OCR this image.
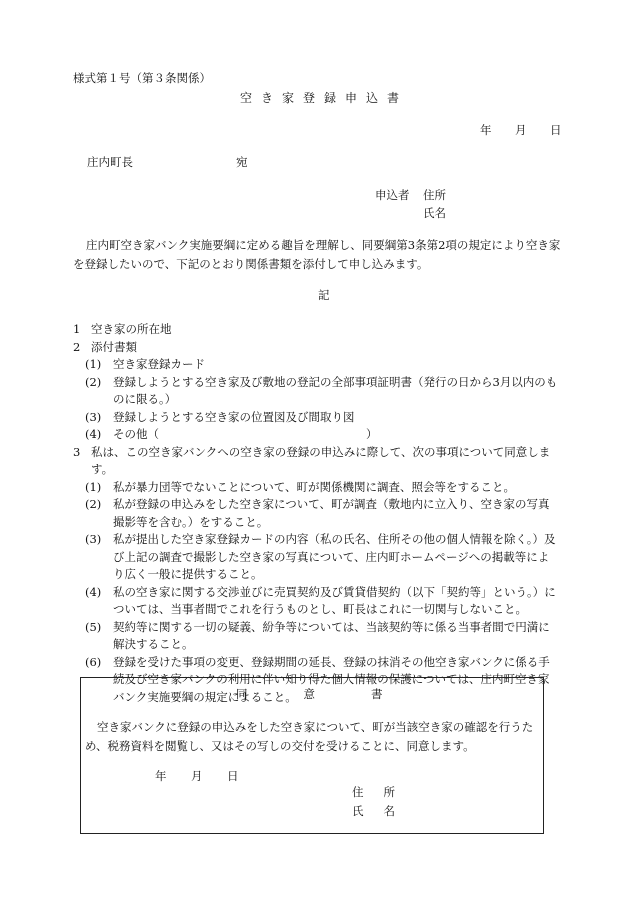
様式第１号（第３条関係）
空き家登録申込書
年 月 日
庄内町長	宛
申込者 住所
氏名
庄内町空き家バンク実施要綱に定める趣旨を理解し、同要綱第3条第2項の規定により空き家を登録したいので、下記のとおり関係書類を添付して申し込みます。
記
1 空き家の所在地
2 添付書類
(1)	空き家登録カード
(2)	登録しようとする空き家及び敷地の登記の全部事項証明書（発行の日から3月以内のものに限る。）
(3)	登録しようとする空き家の位置図及び間取り図
(4)	その他（　　　　　　　　　　　　　　　　　　）
3 私は、この空き家バンクへの空き家の登録の申込みに際して、次の事項について同意します。
(1)	私が暴力団等でないことについて、町が関係機関に調査、照会等をすること。
(2)	私が登録の申込みをした空き家について、町が調査（敷地内に立入り、空き家の写真撮影等を含む。）をすること。
(3)	私が提出した空き家登録カードの内容（私の氏名、住所その他の個人情報を除く。）及び上記の調査で撮影した空き家の写真について、庄内町ホームページへの掲載等により広く一般に提供すること。
(4)	私の空き家に関する交渉並びに売買契約及び賃貸借契約（以下「契約等」という。）については、当事者間でこれを行うものとし、町長はこれに一切関与しないこと。
(5)	契約等に関する一切の疑義、紛争等については、当該契約等に係る当事者間で円満に解決すること。
(6)	登録を受けた事項の変更、登録期間の延長、登録の抹消その他空き家バンクに係る手続及び空き家バンクの利用に伴い知り得た個人情報の保護については、庄内町空き家バンク実施要綱の規定によること。
同意書
空き家バンクに登録の申込みをした空き家について、町が当該空き家の確認を行うため、税務資料を閲覧し、又はその写しの交付を受けることに、同意します。
年 月 日
住所
氏名
